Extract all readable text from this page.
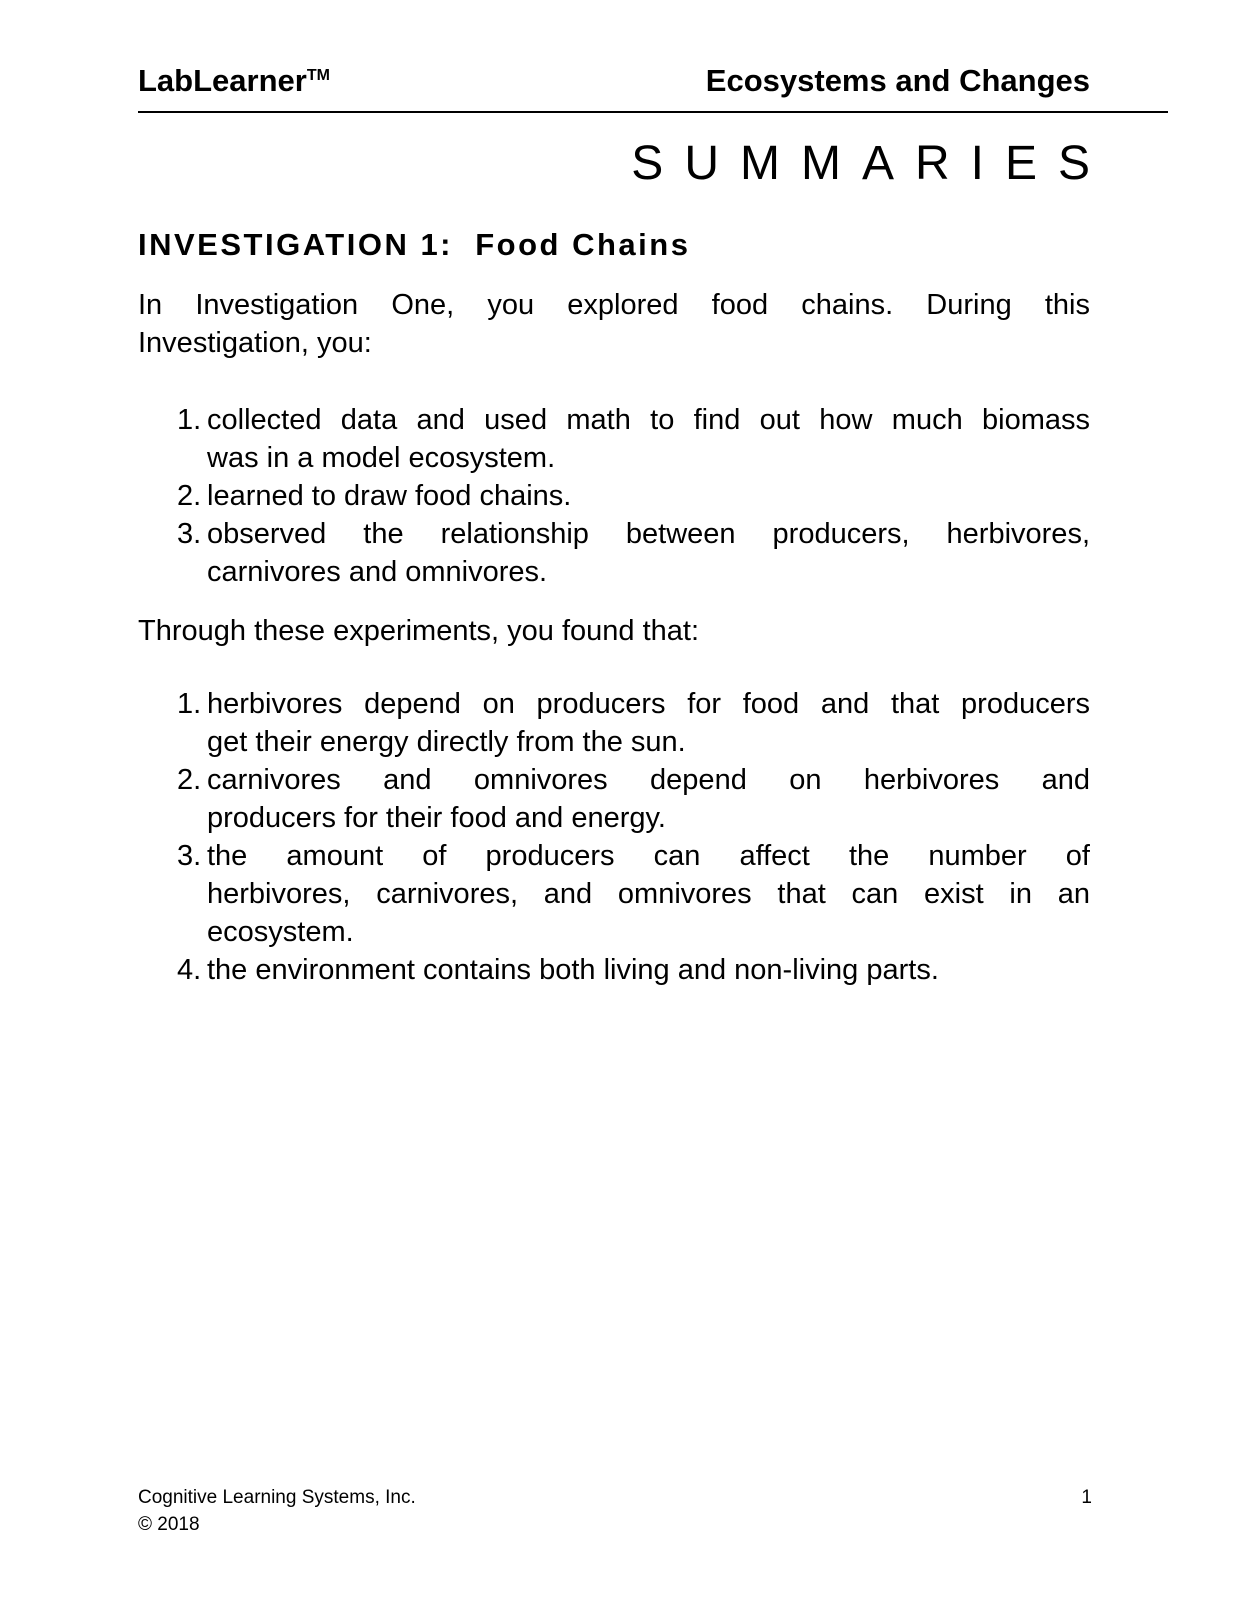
LabLearnerTM	Ecosystems and Changes
SUMMARIES
INVESTIGATION 1:  Food Chains
In Investigation One, you explored food chains. During this
Investigation, you:
1. collected data and used math to find out how much biomass
was in a model ecosystem.
2. learned to draw food chains.
3. observed the relationship between producers, herbivores,
carnivores and omnivores.
Through these experiments, you found that:
1. herbivores depend on producers for food and that producers
get their energy directly from the sun.
2. carnivores and omnivores depend on herbivores and
producers for their food and energy.
3. the amount of producers can affect the number of
herbivores, carnivores, and omnivores that can exist in an
ecosystem.
4. the environment contains both living and non-living parts.
Cognitive Learning Systems, Inc.
© 2018
1
